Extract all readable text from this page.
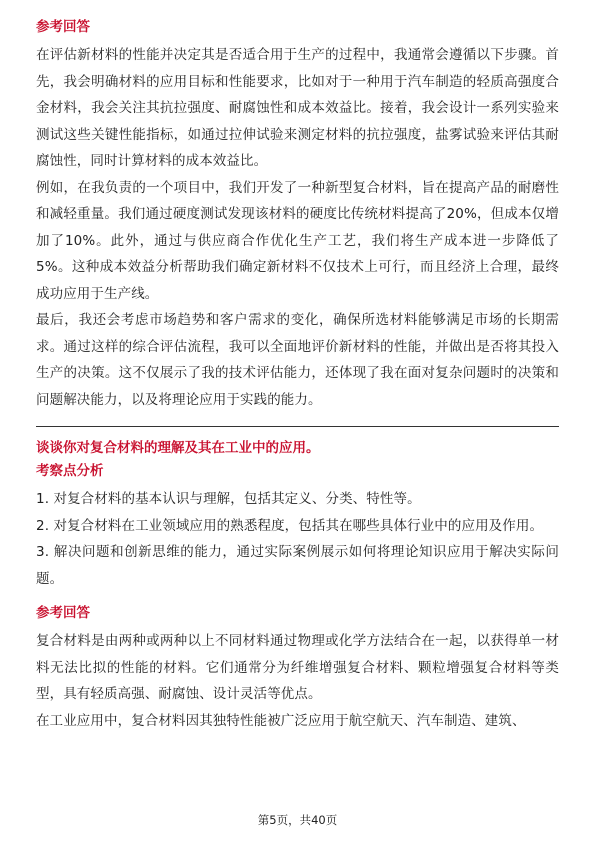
参考回答

在评估新材料的性能并决定其是否适合用于生产的过程中，我通常会遵循以下步骤。首先，我会明确材料的应用目标和性能要求，比如对于一种用于汽车制造的轻质高强度合金材料，我会关注其抗拉强度、耐腐蚀性和成本效益比。接着，我会设计一系列实验来测试这些关键性能指标，如通过拉伸试验来测定材料的抗拉强度，盐雾试验来评估其耐腐蚀性，同时计算材料的成本效益比。

例如，在我负责的一个项目中，我们开发了一种新型复合材料，旨在提高产品的耐磨性和减轻重量。我们通过硬度测试发现该材料的硬度比传统材料提高了20%，但成本仅增加了10%。此外，通过与供应商合作优化生产工艺，我们将生产成本进一步降低了5%。这种成本效益分析帮助我们确定新材料不仅技术上可行，而且经济上合理，最终成功应用于生产线。

最后，我还会考虑市场趋势和客户需求的变化，确保所选材料能够满足市场的长期需求。通过这样的综合评估流程，我可以全面地评价新材料的性能，并做出是否将其投入生产的决策。这不仅展示了我的技术评估能力，还体现了我在面对复杂问题时的决策和问题解决能力，以及将理论应用于实践的能力。

谈谈你对复合材料的理解及其在工业中的应用。

考察点分析

1. 对复合材料的基本认识与理解，包括其定义、分类、特性等。

2. 对复合材料在工业领域应用的熟悉程度，包括其在哪些具体行业中的应用及作用。

3. 解决问题和创新思维的能力，通过实际案例展示如何将理论知识应用于解决实际问题。

参考回答

复合材料是由两种或两种以上不同材料通过物理或化学方法结合在一起，以获得单一材料无法比拟的性能的材料。它们通常分为纤维增强复合材料、颗粒增强复合材料等类型，具有轻质高强、耐腐蚀、设计灵活等优点。

在工业应用中，复合材料因其独特性能被广泛应用于航空航天、汽车制造、建筑、

第5页，共40页
